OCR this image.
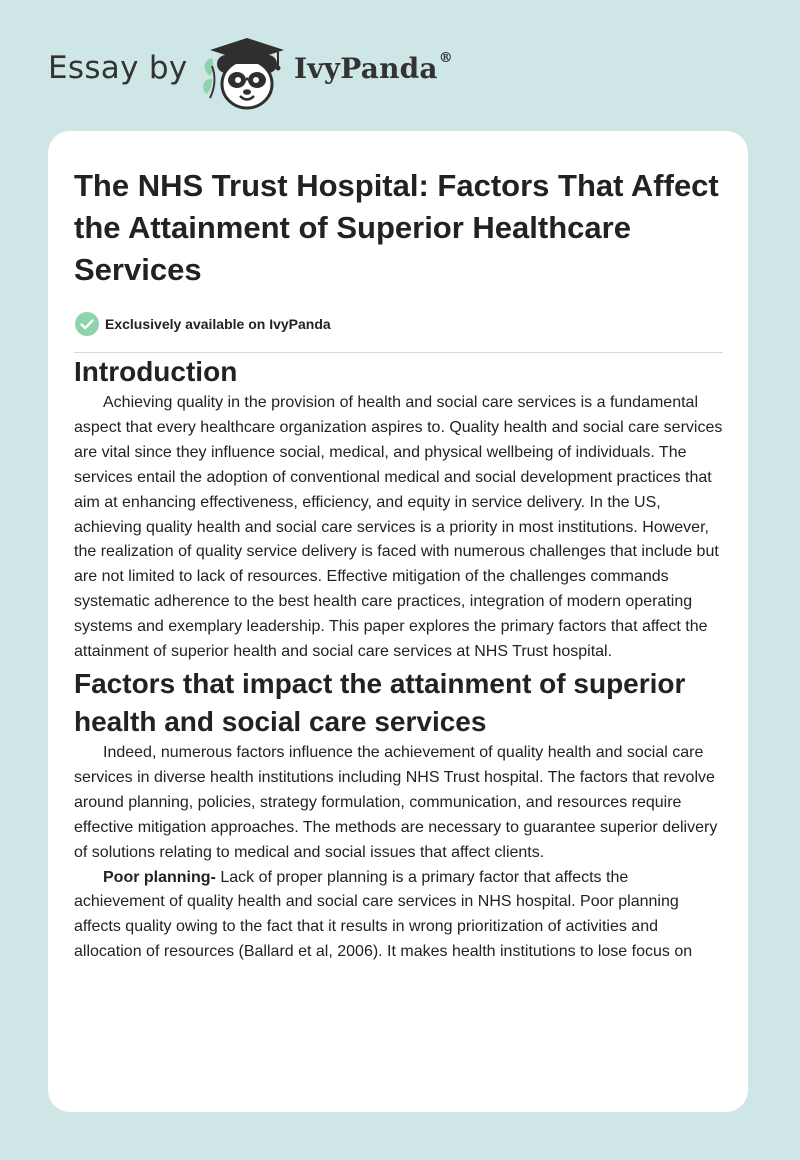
Essay by	IvyPanda®
The NHS Trust Hospital: Factors That Affect the Attainment of Superior Healthcare Services
Exclusively available on IvyPanda
Introduction

Achieving quality in the provision of health and social care services is a fundamental aspect that every healthcare organization aspires to. Quality health and social care services are vital since they influence social, medical, and physical wellbeing of individuals. The services entail the adoption of conventional medical and social development practices that aim at enhancing effectiveness, efficiency, and equity in service delivery. In the US, achieving quality health and social care services is a priority in most institutions. However, the realization of quality service delivery is faced with numerous challenges that include but are not limited to lack of resources. Effective mitigation of the challenges commands systematic adherence to the best health care practices, integration of modern operating systems and exemplary leadership. This paper explores the primary factors that affect the attainment of superior health and social care services at NHS Trust hospital.

Factors that impact the attainment of superior health and social care services

Indeed, numerous factors influence the achievement of quality health and social care services in diverse health institutions including NHS Trust hospital. The factors that revolve around planning, policies, strategy formulation, communication, and resources require effective mitigation approaches. The methods are necessary to guarantee superior delivery of solutions relating to medical and social issues that affect clients.

Poor planning- Lack of proper planning is a primary factor that affects the achievement of quality health and social care services in NHS hospital. Poor planning affects quality owing to the fact that it results in wrong prioritization of activities and allocation of resources (Ballard et al, 2006). It makes health institutions to lose focus on
